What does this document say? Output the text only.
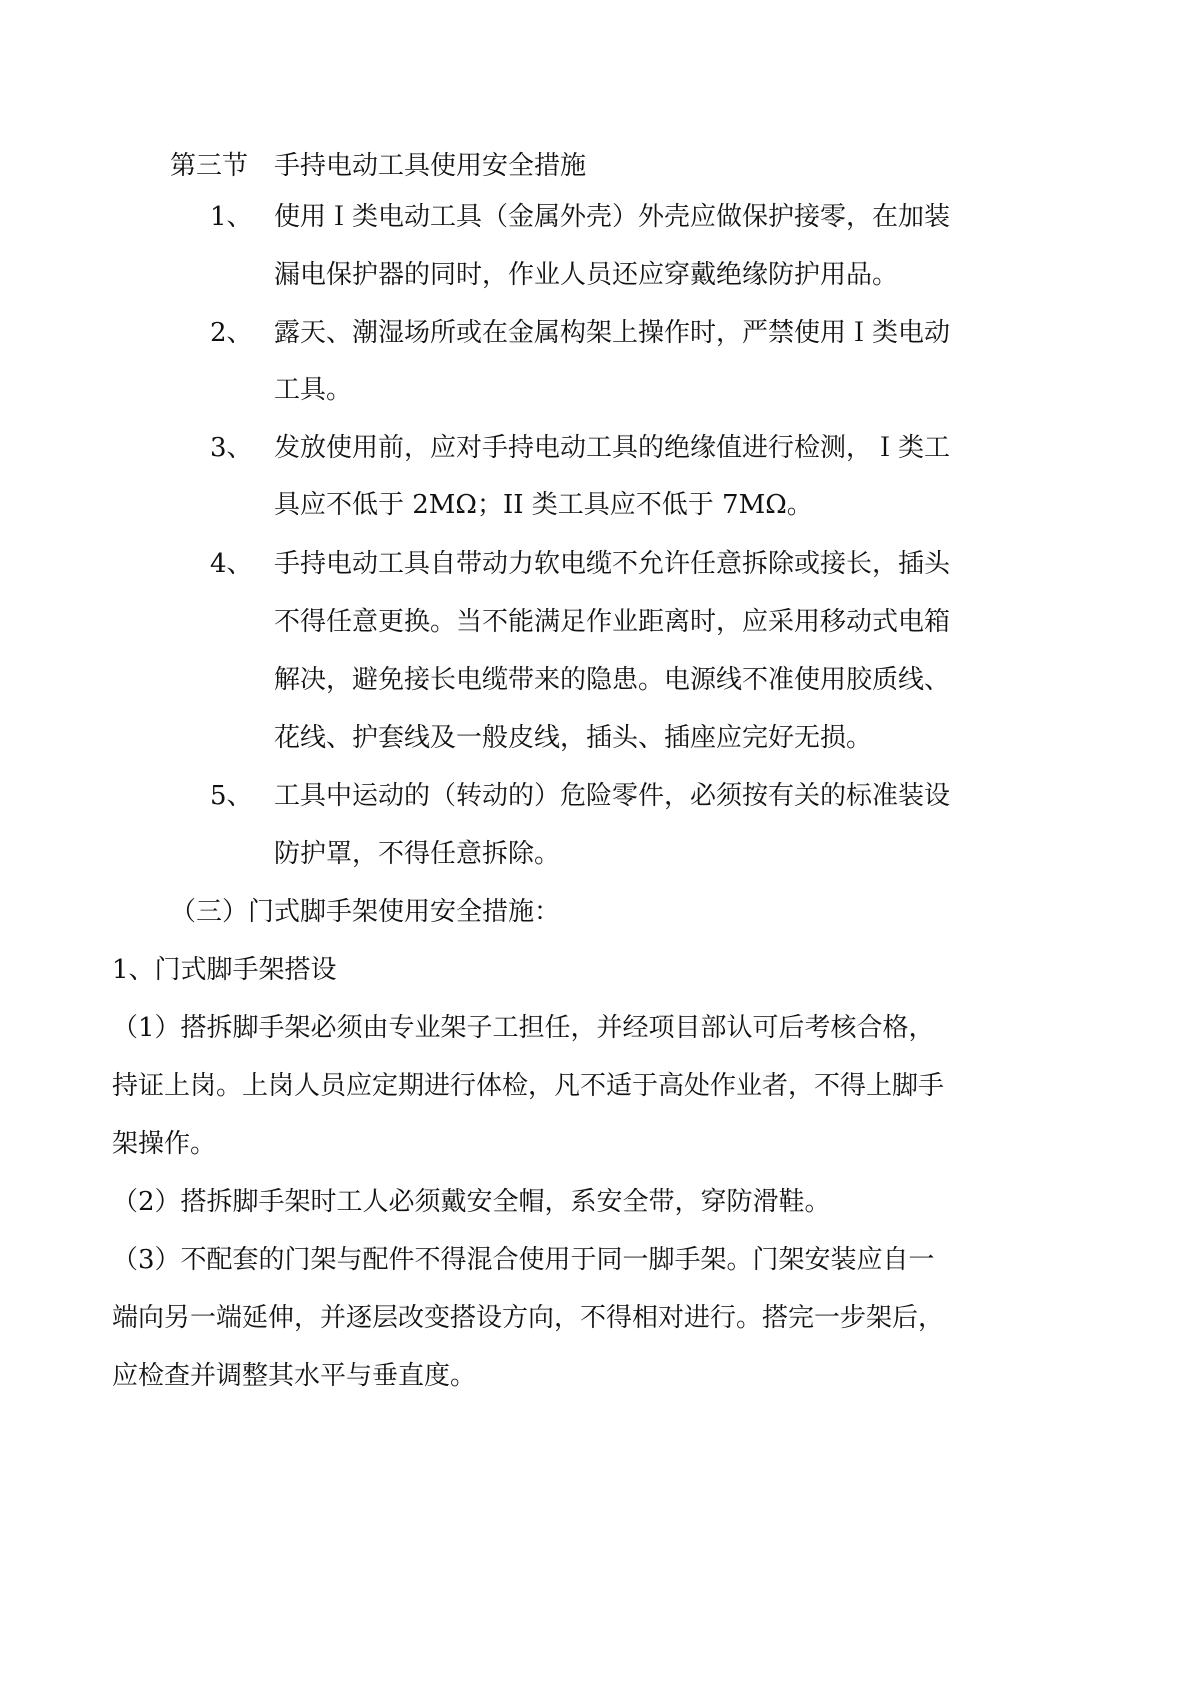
第三节 手持电动工具使用安全措施
1、 使用Ｉ类电动工具（金属外壳）外壳应做保护接零，在加装
漏电保护器的同时，作业人员还应穿戴绝缘防护用品。
2、 露天、潮湿场所或在金属构架上操作时，严禁使用Ｉ类电动
工具。
3、 发放使用前，应对手持电动工具的绝缘值进行检测，Ｉ类工
具应不低于 2MΩ；II 类工具应不低于 7MΩ。
4、 手持电动工具自带动力软电缆不允许任意拆除或接长，插头
不得任意更换。当不能满足作业距离时，应采用移动式电箱
解决，避免接长电缆带来的隐患。电源线不准使用胶质线、
花线、护套线及一般皮线，插头、插座应完好无损。
5、 工具中运动的（转动的）危险零件，必须按有关的标准装设
防护罩，不得任意拆除。
（三）门式脚手架使用安全措施：
1、门式脚手架搭设
（1）搭拆脚手架必须由专业架子工担任，并经项目部认可后考核合格，
持证上岗。上岗人员应定期进行体检，凡不适于高处作业者，不得上脚手
架操作。
（2）搭拆脚手架时工人必须戴安全帽，系安全带，穿防滑鞋。
（3）不配套的门架与配件不得混合使用于同一脚手架。门架安装应自一
端向另一端延伸，并逐层改变搭设方向，不得相对进行。搭完一步架后，
应检查并调整其水平与垂直度。
